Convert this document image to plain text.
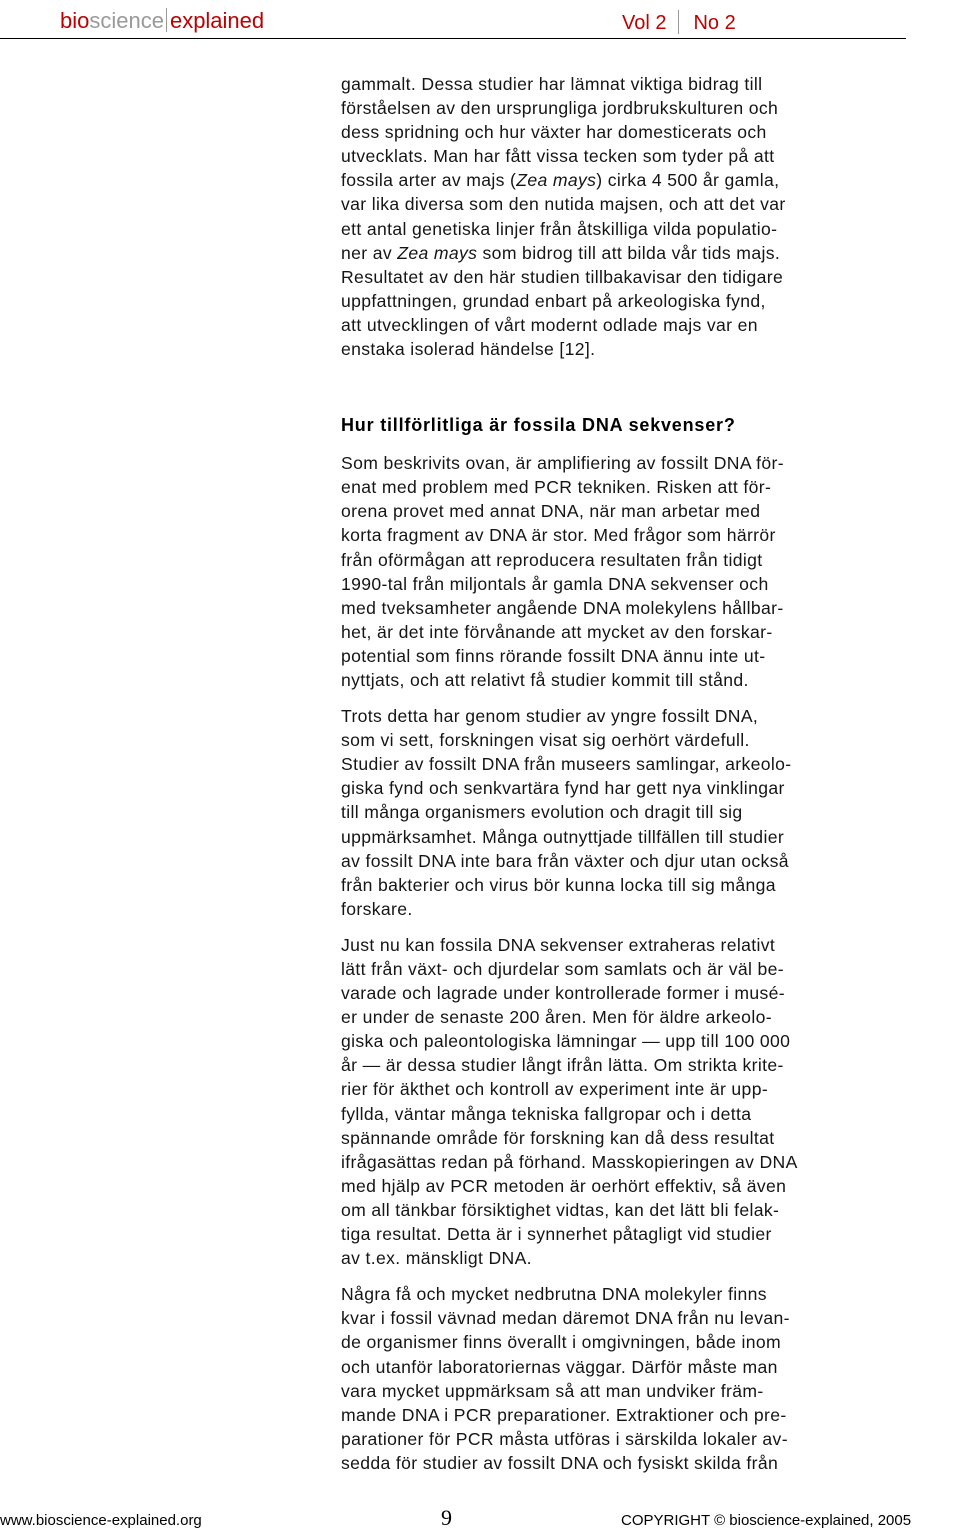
bioscience explained	Vol 2 No 2

gammalt. Dessa studier har lämnat viktiga bidrag till
förståelsen av den ursprungliga jordbrukskulturen och
dess spridning och hur växter har domesticerats och
utvecklats. Man har fått vissa tecken som tyder på att
fossila arter av majs (Zea mays) cirka 4 500 år gamla,
var lika diversa som den nutida majsen, och att det var
ett antal genetiska linjer från åtskilliga vilda populatio-
ner av Zea mays som bidrog till att bilda vår tids majs.
Resultatet av den här studien tillbakavisar den tidigare
uppfattningen, grundad enbart på arkeologiska fynd,
att utvecklingen of vårt modernt odlade majs var en
enstaka isolerad händelse [12].

Hur tillförlitliga är fossila DNA sekvenser?

Som beskrivits ovan, är amplifiering av fossilt DNA för-
enat med problem med PCR tekniken. Risken att för-
orena provet med annat DNA, när man arbetar med
korta fragment av DNA är stor. Med frågor som härrör
från oförmågan att reproducera resultaten från tidigt
1990-tal från miljontals år gamla DNA sekvenser och
med tveksamheter angående DNA molekylens hållbar-
het, är det inte förvånande att mycket av den forskar-
potential som finns rörande fossilt DNA ännu inte ut-
nyttjats, och att relativt få studier kommit till stånd.

Trots detta har genom studier av yngre fossilt DNA,
som vi sett, forskningen visat sig oerhört värdefull.
Studier av fossilt DNA från museers samlingar, arkeolo-
giska fynd och senkvartära fynd har gett nya vinklingar
till många organismers evolution och dragit till sig
uppmärksamhet. Många outnyttjade tillfällen till studier
av fossilt DNA inte bara från växter och djur utan också
från bakterier och virus bör kunna locka till sig många
forskare.

Just nu kan fossila DNA sekvenser extraheras relativt
lätt från växt- och djurdelar som samlats och är väl be-
varade och lagrade under kontrollerade former i musé-
er under de senaste 200 åren. Men för äldre arkeolo-
giska och paleontologiska lämningar — upp till 100 000
år — är dessa studier långt ifrån lätta. Om strikta krite-
rier för äkthet och kontroll av experiment inte är upp-
fyllda, väntar många tekniska fallgropar och i detta
spännande område för forskning kan då dess resultat
ifrågasättas redan på förhand. Masskopieringen av DNA
med hjälp av PCR metoden är oerhört effektiv, så även
om all tänkbar försiktighet vidtas, kan det lätt bli felak-
tiga resultat. Detta är i synnerhet påtagligt vid studier
av t.ex. mänskligt DNA.

Några få och mycket nedbrutna DNA molekyler finns
kvar i fossil vävnad medan däremot DNA från nu levan-
de organismer finns överallt i omgivningen, både inom
och utanför laboratoriernas väggar. Därför måste man
vara mycket uppmärksam så att man undviker främ-
mande DNA i PCR preparationer. Extraktioner och pre-
parationer för PCR måsta utföras i särskilda lokaler av-
sedda för studier av fossilt DNA och fysiskt skilda från

www.bioscience-explained.org	9	COPYRIGHT © bioscience-explained, 2005
